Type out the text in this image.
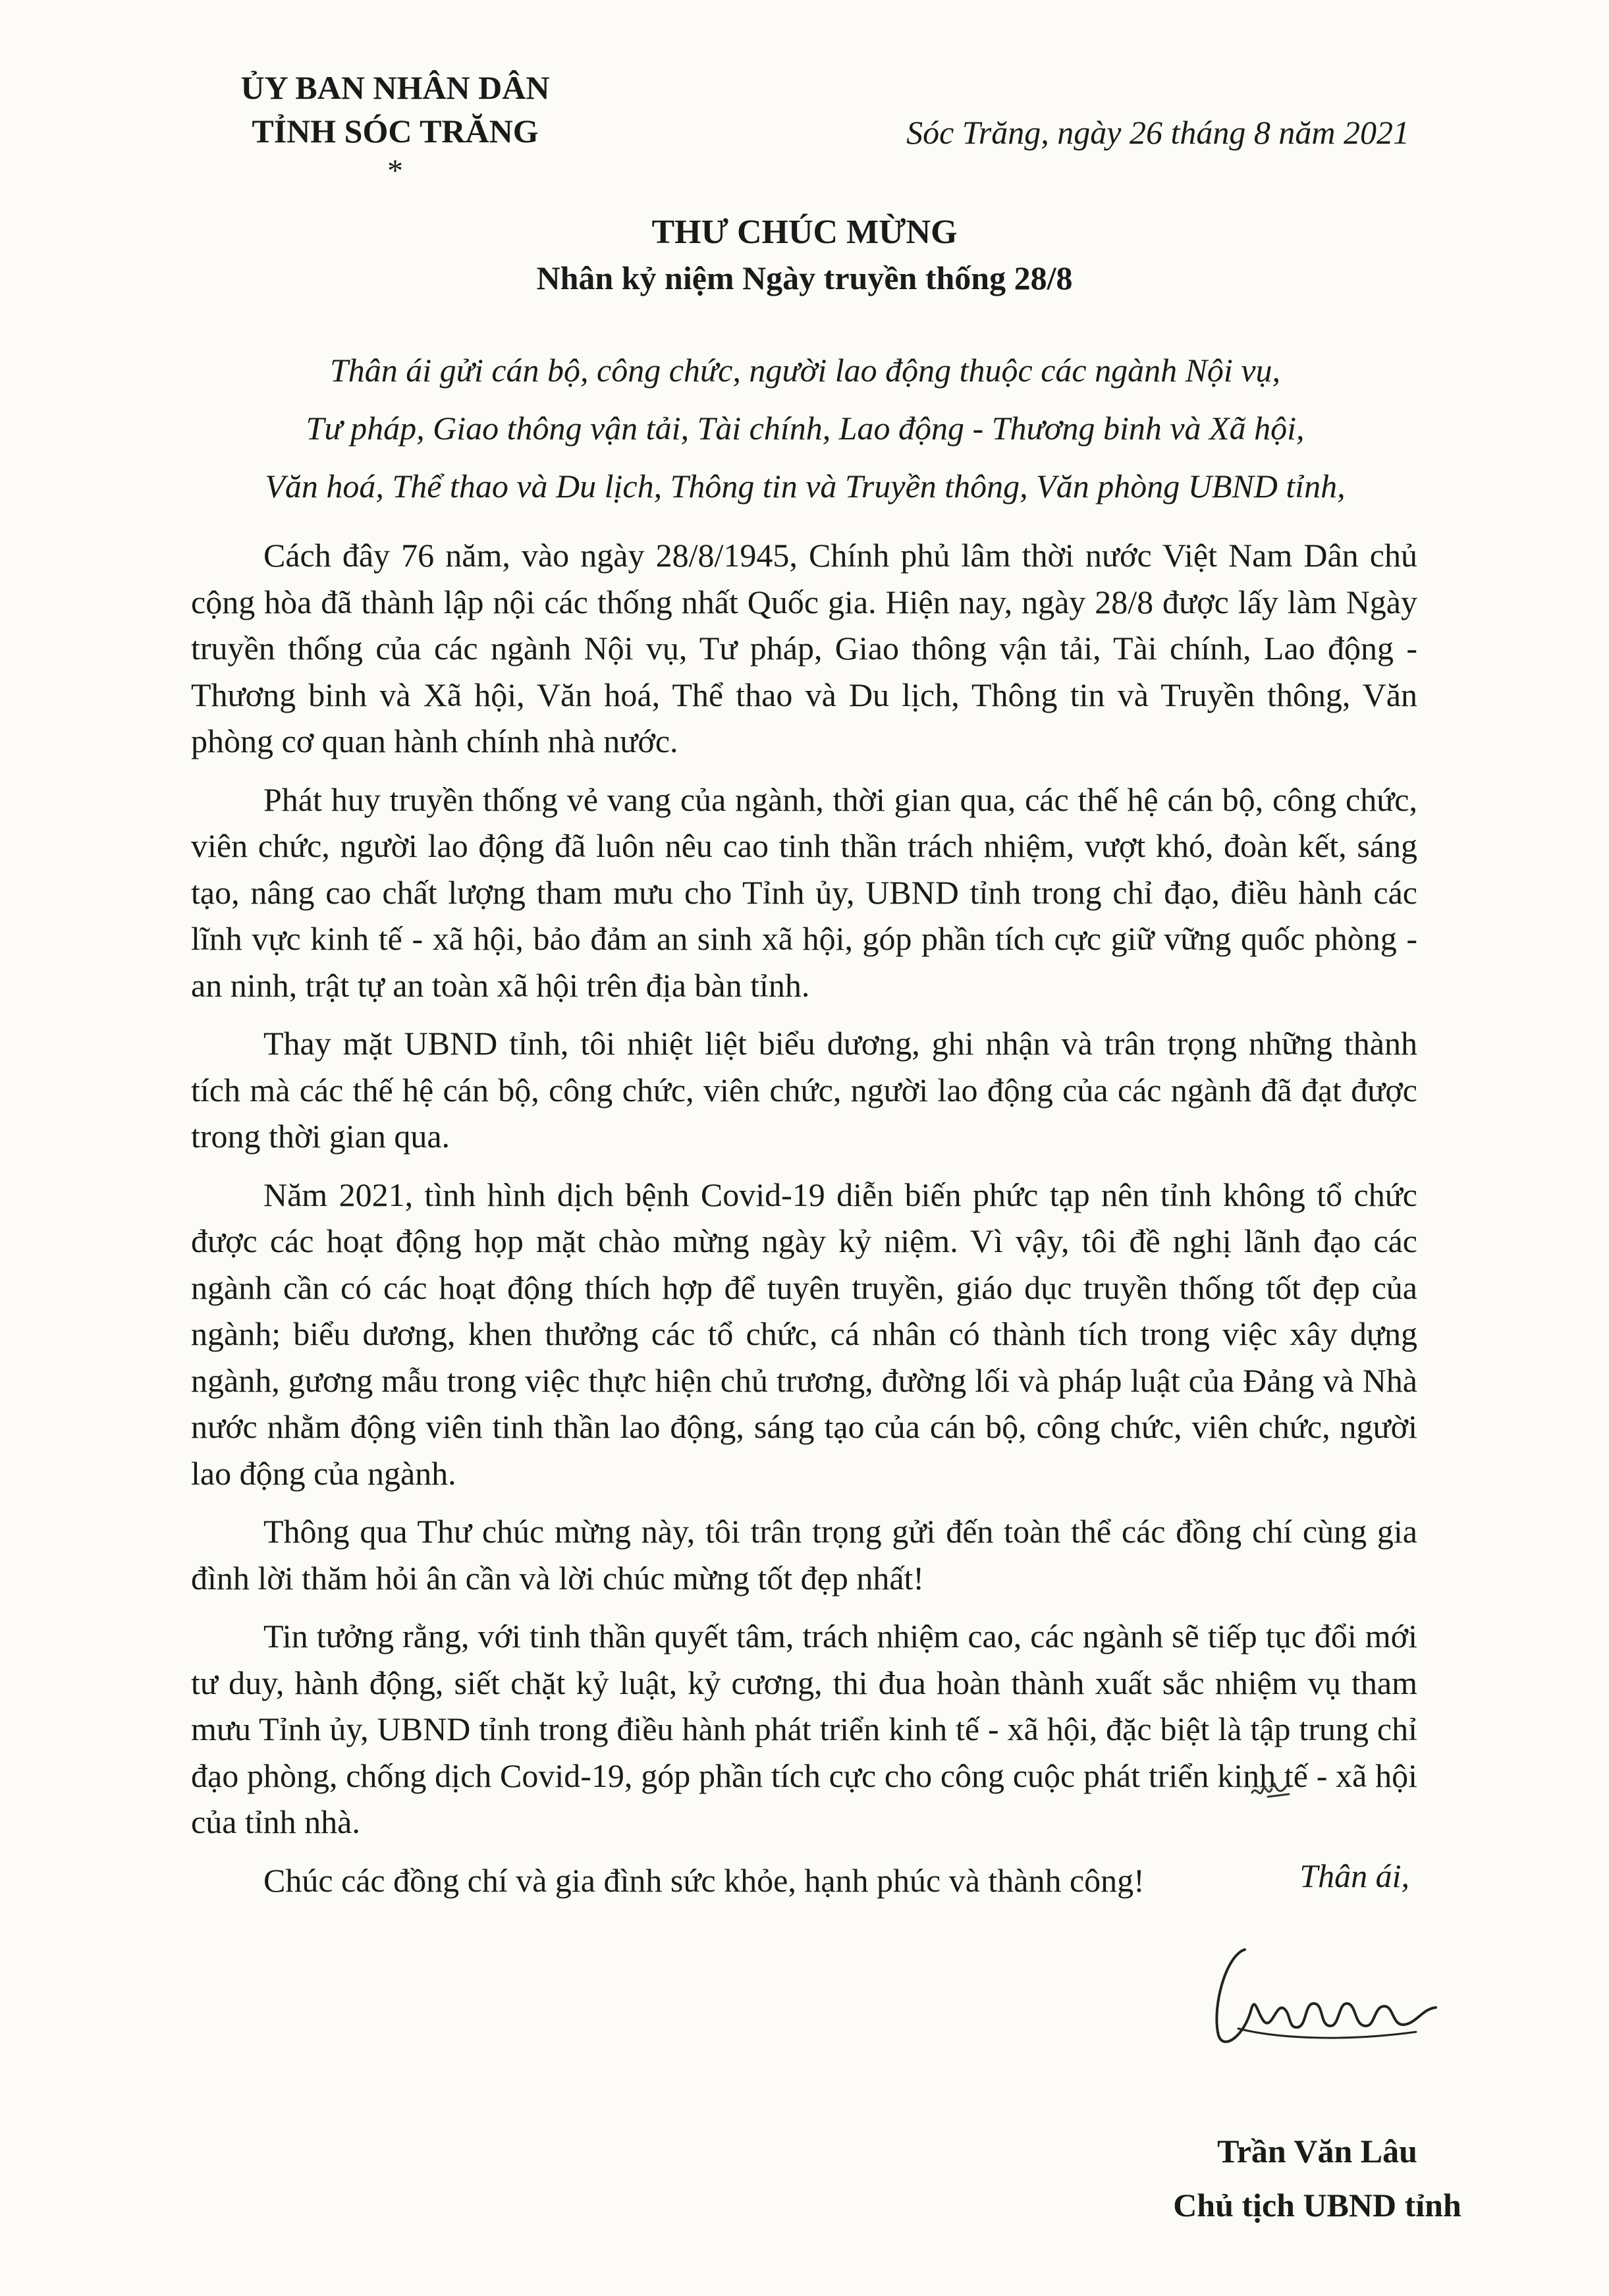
ỦY BAN NHÂN DÂN
TỈNH SÓC TRĂNG
*
Sóc Trăng, ngày 26 tháng 8 năm 2021
THƯ CHÚC MỪNG
Nhân kỷ niệm Ngày truyền thống 28/8
Thân ái gửi cán bộ, công chức, người lao động thuộc các ngành Nội vụ,
Tư pháp, Giao thông vận tải, Tài chính, Lao động - Thương binh và Xã hội,
Văn hoá, Thể thao và Du lịch, Thông tin và Truyền thông, Văn phòng UBND tỉnh,

Cách đây 76 năm, vào ngày 28/8/1945, Chính phủ lâm thời nước Việt Nam Dân chủ cộng hòa đã thành lập nội các thống nhất Quốc gia. Hiện nay, ngày 28/8 được lấy làm Ngày truyền thống của các ngành Nội vụ, Tư pháp, Giao thông vận tải, Tài chính, Lao động - Thương binh và Xã hội, Văn hoá, Thể thao và Du lịch, Thông tin và Truyền thông, Văn phòng cơ quan hành chính nhà nước.

Phát huy truyền thống vẻ vang của ngành, thời gian qua, các thế hệ cán bộ, công chức, viên chức, người lao động đã luôn nêu cao tinh thần trách nhiệm, vượt khó, đoàn kết, sáng tạo, nâng cao chất lượng tham mưu cho Tỉnh ủy, UBND tỉnh trong chỉ đạo, điều hành các lĩnh vực kinh tế - xã hội, bảo đảm an sinh xã hội, góp phần tích cực giữ vững quốc phòng - an ninh, trật tự an toàn xã hội trên địa bàn tỉnh.

Thay mặt UBND tỉnh, tôi nhiệt liệt biểu dương, ghi nhận và trân trọng những thành tích mà các thế hệ cán bộ, công chức, viên chức, người lao động của các ngành đã đạt được trong thời gian qua.

Năm 2021, tình hình dịch bệnh Covid-19 diễn biến phức tạp nên tỉnh không tổ chức được các hoạt động họp mặt chào mừng ngày kỷ niệm. Vì vậy, tôi đề nghị lãnh đạo các ngành cần có các hoạt động thích hợp để tuyên truyền, giáo dục truyền thống tốt đẹp của ngành; biểu dương, khen thưởng các tổ chức, cá nhân có thành tích trong việc xây dựng ngành, gương mẫu trong việc thực hiện chủ trương, đường lối và pháp luật của Đảng và Nhà nước nhằm động viên tinh thần lao động, sáng tạo của cán bộ, công chức, viên chức, người lao động của ngành.

Thông qua Thư chúc mừng này, tôi trân trọng gửi đến toàn thể các đồng chí cùng gia đình lời thăm hỏi ân cần và lời chúc mừng tốt đẹp nhất!

Tin tưởng rằng, với tinh thần quyết tâm, trách nhiệm cao, các ngành sẽ tiếp tục đổi mới tư duy, hành động, siết chặt kỷ luật, kỷ cương, thi đua hoàn thành xuất sắc nhiệm vụ tham mưu Tỉnh ủy, UBND tỉnh trong điều hành phát triển kinh tế - xã hội, đặc biệt là tập trung chỉ đạo phòng, chống dịch Covid-19, góp phần tích cực cho công cuộc phát triển kinh tế - xã hội của tỉnh nhà.

Chúc các đồng chí và gia đình sức khỏe, hạnh phúc và thành công!	Thân ái,
Trần Văn Lâu
Chủ tịch UBND tỉnh
